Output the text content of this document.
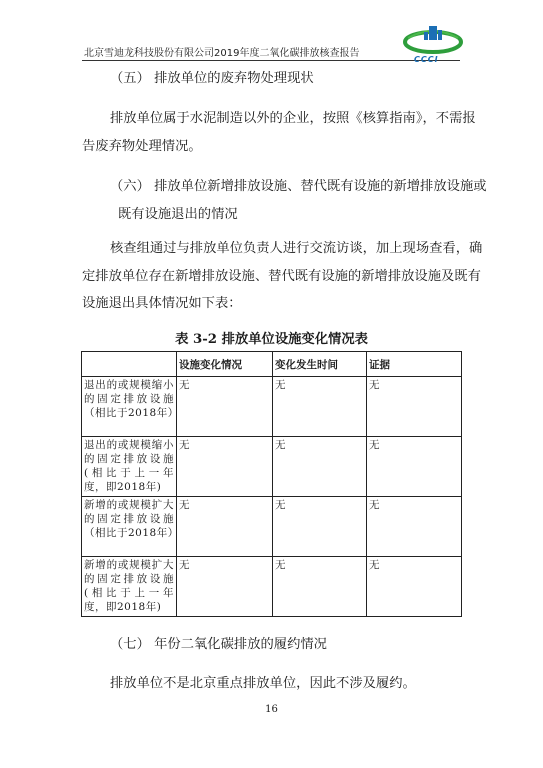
北京雪迪龙科技股份有限公司2019年度二氧化碳排放核查报告
CCCI
（五） 排放单位的废弃物处理现状
排放单位属于水泥制造以外的企业，按照《核算指南》，不需报
告废弃物处理情况。
（六） 排放单位新增排放设施、替代既有设施的新增排放设施或
既有设施退出的情况
核查组通过与排放单位负责人进行交流访谈，加上现场查看，确
定排放单位存在新增排放设施、替代既有设施的新增排放设施及既有
设施退出具体情况如下表：
表 3-2 排放单位设施变化情况表
	设施变化情况	变化发生时间	证据
退出的或规模缩小的固定排放设施（相比于2018年）	无	无	无
退出的或规模缩小的固定排放设施(相比于上一年度，即2018年)	无	无	无
新增的或规模扩大的固定排放设施（相比于2018年）	无	无	无
新增的或规模扩大的固定排放设施(相比于上一年度，即2018年)	无	无	无
（七） 年份二氧化碳排放的履约情况
排放单位不是北京重点排放单位，因此不涉及履约。
16
